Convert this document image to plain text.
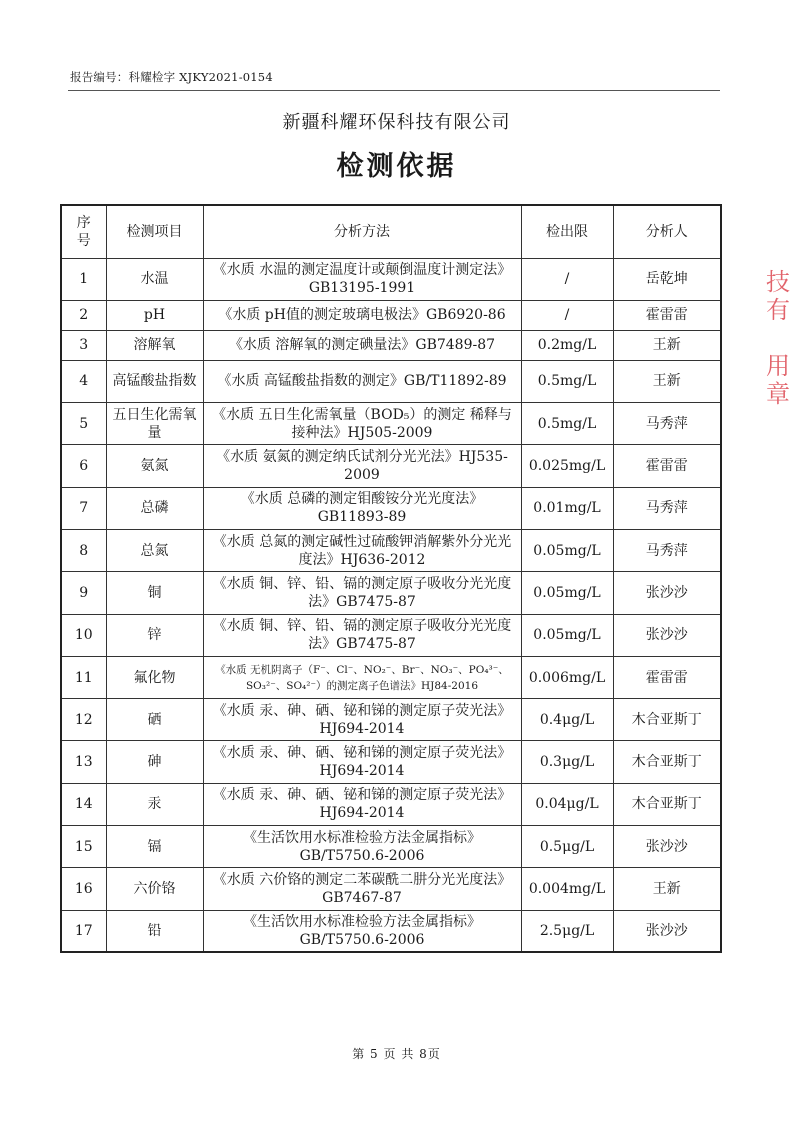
报告编号：科耀检字 XJKY2021-0154
新疆科耀环保科技有限公司
检测依据
序号	检测项目	分析方法	检出限	分析人
1	水温	《水质 水温的测定温度计或颠倒温度计测定法》GB13195-1991	/	岳乾坤
2	pH	《水质 pH值的测定玻璃电极法》GB6920-86	/	霍雷雷
3	溶解氧	《水质 溶解氧的测定碘量法》GB7489-87	0.2mg/L	王新
4	高锰酸盐指数	《水质 高锰酸盐指数的测定》GB/T11892-89	0.5mg/L	王新
5	五日生化需氧量	《水质 五日生化需氧量（BOD₅）的测定 稀释与接种法》HJ505-2009	0.5mg/L	马秀萍
6	氨氮	《水质 氨氮的测定纳氏试剂分光光法》HJ535-2009	0.025mg/L	霍雷雷
7	总磷	《水质 总磷的测定钼酸铵分光光度法》GB11893-89	0.01mg/L	马秀萍
8	总氮	《水质 总氮的测定碱性过硫酸钾消解紫外分光光度法》HJ636-2012	0.05mg/L	马秀萍
9	铜	《水质 铜、锌、铅、镉的测定原子吸收分光光度法》GB7475-87	0.05mg/L	张沙沙
10	锌	《水质 铜、锌、铅、镉的测定原子吸收分光光度法》GB7475-87	0.05mg/L	张沙沙
11	氟化物	《水质 无机阴离子（F⁻、Cl⁻、NO₂⁻、Br⁻、NO₃⁻、PO₄³⁻、SO₃²⁻、SO₄²⁻）的测定离子色谱法》HJ84-2016	0.006mg/L	霍雷雷
12	硒	《水质 汞、砷、硒、铋和锑的测定原子荧光法》HJ694-2014	0.4μg/L	木合亚斯丁
13	砷	《水质 汞、砷、硒、铋和锑的测定原子荧光法》HJ694-2014	0.3μg/L	木合亚斯丁
14	汞	《水质 汞、砷、硒、铋和锑的测定原子荧光法》HJ694-2014	0.04μg/L	木合亚斯丁
15	镉	《生活饮用水标准检验方法金属指标》GB/T5750.6-2006	0.5μg/L	张沙沙
16	六价铬	《水质 六价铬的测定二苯碳酰二肼分光光度法》GB7467-87	0.004mg/L	王新
17	铅	《生活饮用水标准检验方法金属指标》GB/T5750.6-2006	2.5μg/L	张沙沙
技有
用章
第 5 页 共 8页
